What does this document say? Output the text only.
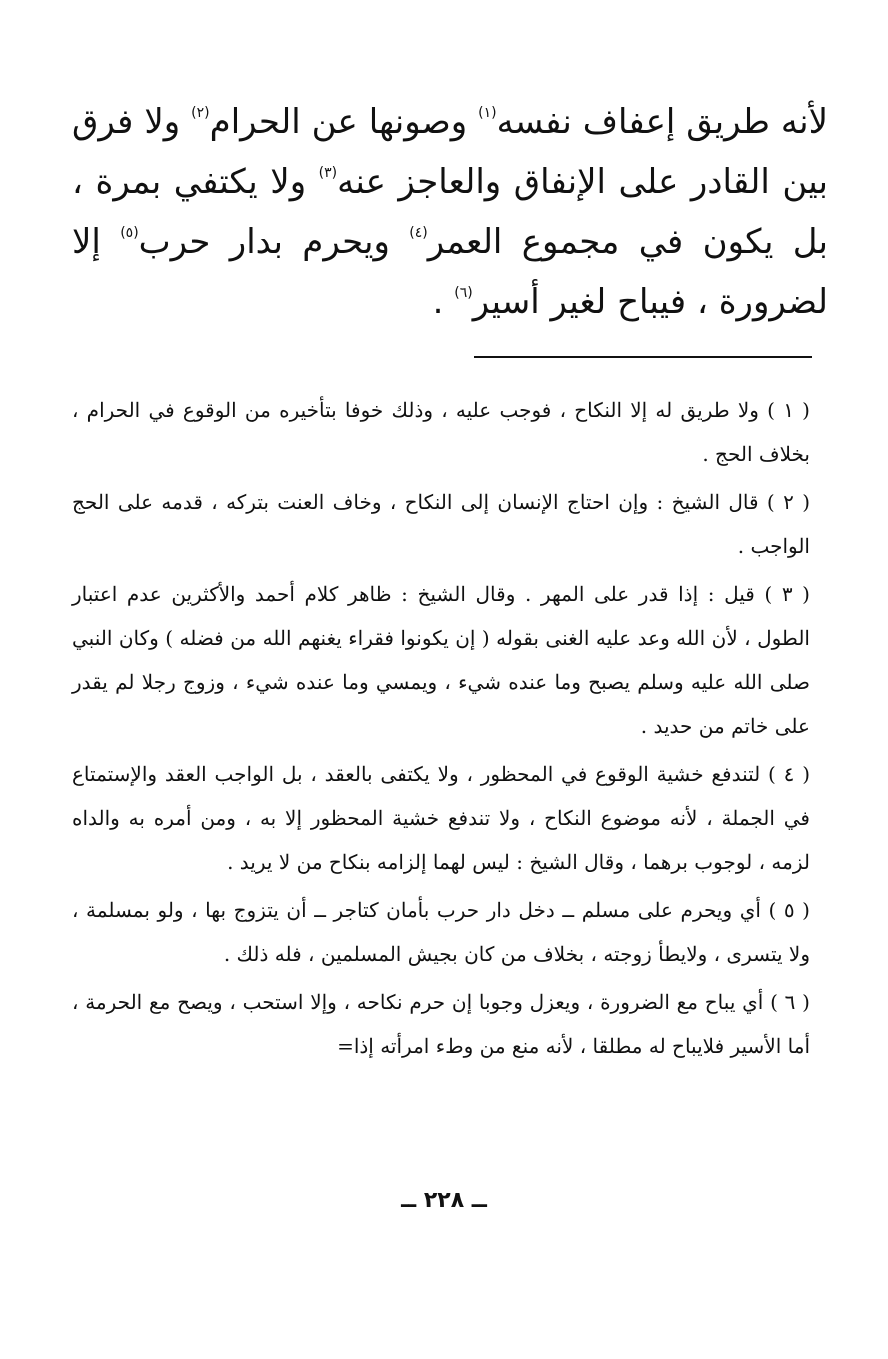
لأنه طريق إعفاف نفسه$^{(١)}$ وصونها عن الحرام$^{(٢)}$ ولا فرق بين القادر على الإنفاق والعاجز عنه$^{(٣)}$ ولا يكتفي بمرة ، بل يكون في مجموع العمر$^{(٤)}$ ويحرم بدار حرب$^{(٥)}$ إلا لضرورة ، فيباح لغير أسير$^{(٦)}$ .

( ١ ) ولا طريق له إلا النكاح ، فوجب عليه ، وذلك خوفا بتأخيره من الوقوع في الحرام ، بخلاف الحج .

( ٢ ) قال الشيخ : وإن احتاج الإنسان إلى النكاح ، وخاف العنت بتركه ، قدمه على الحج الواجب .

( ٣ ) قيل : إذا قدر على المهر . وقال الشيخ : ظاهر كلام أحمد والأكثرين عدم اعتبار الطول ، لأن الله وعد عليه الغنى بقوله ( إن يكونوا فقراء يغنهم الله من فضله ) وكان النبي صلى الله عليه وسلم يصبح وما عنده شيء ، ويمسي وما عنده شيء ، وزوج رجلا لم يقدر على خاتم من حديد .

( ٤ ) لتندفع خشية الوقوع في المحظور ، ولا يكتفى بالعقد ، بل الواجب العقد والإستمتاع في الجملة ، لأنه موضوع النكاح ، ولا تندفع خشية المحظور إلا به ، ومن أمره به والداه لزمه ، لوجوب برهما ، وقال الشيخ : ليس لهما إلزامه بنكاح من لا يريد .

( ٥ ) أي ويحرم على مسلم ــ دخل دار حرب بأمان كتاجر ــ أن يتزوج بها ، ولو بمسلمة ، ولا يتسرى ، ولايطأ زوجته ، بخلاف من كان بجيش المسلمين ، فله ذلك .

( ٦ ) أي يباح مع الضرورة ، ويعزل وجوبا إن حرم نكاحه ، وإلا استحب ، ويصح مع الحرمة ، أما الأسير فلايباح له مطلقا ، لأنه منع من وطء امرأته إذا=

ــ ٢٢٨ ــ
